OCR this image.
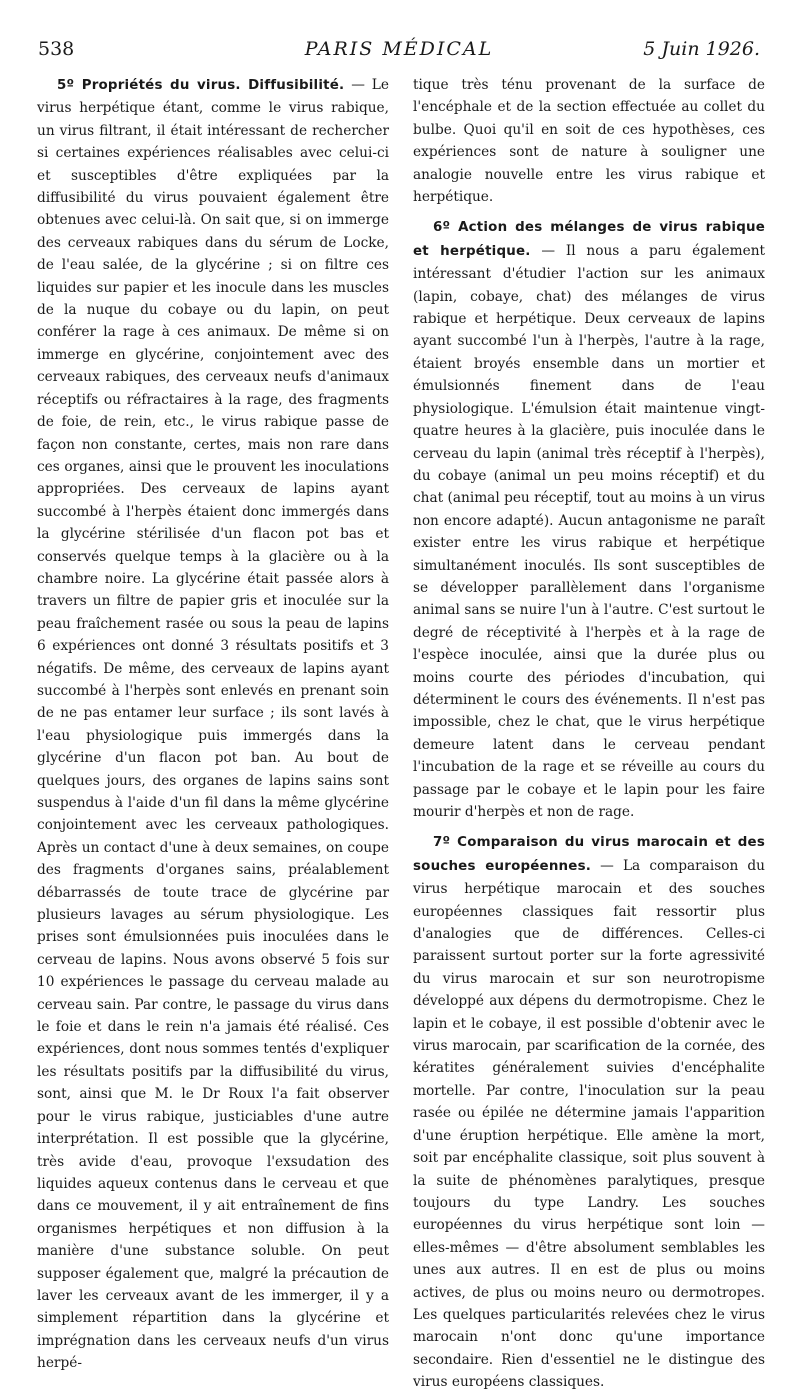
538	PARIS MÉDICAL	5 Juin 1926.

5º Propriétés du virus. Diffusibilité. — Le virus herpétique étant, comme le virus rabique, un virus filtrant, il était intéressant de rechercher si certaines expériences réalisables avec celui-ci et susceptibles d'être expliquées par la diffusibilité du virus pouvaient également être obtenues avec celui-là. On sait que, si on immerge des cerveaux rabiques dans du sérum de Locke, de l'eau salée, de la glycérine ; si on filtre ces liquides sur papier et les inocule dans les muscles de la nuque du cobaye ou du lapin, on peut conférer la rage à ces animaux. De même si on immerge en glycérine, conjointement avec des cerveaux rabiques, des cerveaux neufs d'animaux réceptifs ou réfractaires à la rage, des fragments de foie, de rein, etc., le virus rabique passe de façon non constante, certes, mais non rare dans ces organes, ainsi que le prouvent les inoculations appropriées. Des cerveaux de lapins ayant succombé à l'herpès étaient donc immergés dans la glycérine stérilisée d'un flacon pot bas et conservés quelque temps à la glacière ou à la chambre noire. La glycérine était passée alors à travers un filtre de papier gris et inoculée sur la peau fraîchement rasée ou sous la peau de lapins 6 expériences ont donné 3 résultats positifs et 3 négatifs. De même, des cerveaux de lapins ayant succombé à l'herpès sont enlevés en prenant soin de ne pas entamer leur surface ; ils sont lavés à l'eau physiologique puis immergés dans la glycérine d'un flacon pot ban. Au bout de quelques jours, des organes de lapins sains sont suspendus à l'aide d'un fil dans la même glycérine conjointement avec les cerveaux pathologiques. Après un contact d'une à deux semaines, on coupe des fragments d'organes sains, préalablement débarrassés de toute trace de glycérine par plusieurs lavages au sérum physiologique. Les prises sont émulsionnées puis inoculées dans le cerveau de lapins. Nous avons observé 5 fois sur 10 expériences le passage du cerveau malade au cerveau sain. Par contre, le passage du virus dans le foie et dans le rein n'a jamais été réalisé. Ces expériences, dont nous sommes tentés d'expliquer les résultats positifs par la diffusibilité du virus, sont, ainsi que M. le Dr Roux l'a fait observer pour le virus rabique, justiciables d'une autre interprétation. Il est possible que la glycérine, très avide d'eau, provoque l'exsudation des liquides aqueux contenus dans le cerveau et que dans ce mouvement, il y ait entraînement de fins organismes herpétiques et non diffusion à la manière d'une substance soluble. On peut supposer également que, malgré la précaution de laver les cerveaux avant de les immerger, il y a simplement répartition dans la glycérine et imprégnation dans les cerveaux neufs d'un virus herpé-

tique très ténu provenant de la surface de l'encéphale et de la section effectuée au collet du bulbe. Quoi qu'il en soit de ces hypothèses, ces expériences sont de nature à souligner une analogie nouvelle entre les virus rabique et herpétique.

6º Action des mélanges de virus rabique et herpétique. — Il nous a paru également intéressant d'étudier l'action sur les animaux (lapin, cobaye, chat) des mélanges de virus rabique et herpétique. Deux cerveaux de lapins ayant succombé l'un à l'herpès, l'autre à la rage, étaient broyés ensemble dans un mortier et émulsionnés finement dans de l'eau physiologique. L'émulsion était maintenue vingt-quatre heures à la glacière, puis inoculée dans le cerveau du lapin (animal très réceptif à l'herpès), du cobaye (animal un peu moins réceptif) et du chat (animal peu réceptif, tout au moins à un virus non encore adapté). Aucun antagonisme ne paraît exister entre les virus rabique et herpétique simultanément inoculés. Ils sont susceptibles de se développer parallèlement dans l'organisme animal sans se nuire l'un à l'autre. C'est surtout le degré de réceptivité à l'herpès et à la rage de l'espèce inoculée, ainsi que la durée plus ou moins courte des périodes d'incubation, qui déterminent le cours des événements. Il n'est pas impossible, chez le chat, que le virus herpétique demeure latent dans le cerveau pendant l'incubation de la rage et se réveille au cours du passage par le cobaye et le lapin pour les faire mourir d'herpès et non de rage.

7º Comparaison du virus marocain et des souches européennes. — La comparaison du virus herpétique marocain et des souches européennes classiques fait ressortir plus d'analogies que de différences. Celles-ci paraissent surtout porter sur la forte agressivité du virus marocain et sur son neurotropisme développé aux dépens du dermotropisme. Chez le lapin et le cobaye, il est possible d'obtenir avec le virus marocain, par scarification de la cornée, des kératites généralement suivies d'encéphalite mortelle. Par contre, l'inoculation sur la peau rasée ou épilée ne détermine jamais l'apparition d'une éruption herpétique. Elle amène la mort, soit par encéphalite classique, soit plus souvent à la suite de phénomènes paralytiques, presque toujours du type Landry. Les souches européennes du virus herpétique sont loin — elles-mêmes — d'être absolument semblables les unes aux autres. Il en est de plus ou moins actives, de plus ou moins neuro ou dermotropes. Les quelques particularités relevées chez le virus marocain n'ont donc qu'une importance secondaire. Rien d'essentiel ne le distingue des virus européens classiques.
